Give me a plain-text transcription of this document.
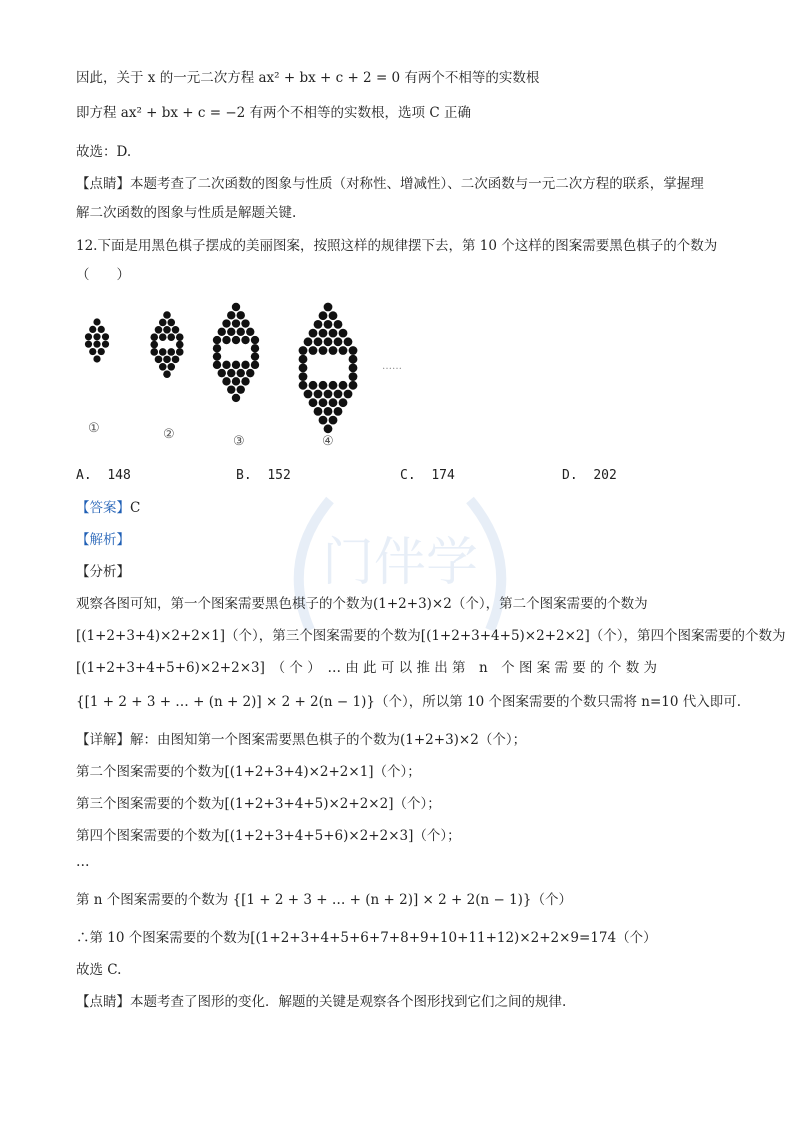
因此，关于 x 的一元二次方程 ax² + bx + c + 2 = 0 有两个不相等的实数根
即方程 ax² + bx + c = −2 有两个不相等的实数根，选项 C 正确
故选：D.
【点睛】本题考查了二次函数的图象与性质（对称性、增减性）、二次函数与一元二次方程的联系，掌握理
解二次函数的图象与性质是解题关键.
12.下面是用黑色棋子摆成的美丽图案，按照这样的规律摆下去，第 10 个这样的图案需要黑色棋子的个数为
（　　）
……
①	②	③	④
A. 148	B. 152	C. 174	D. 202
门伴学
【答案】C
【解析】
【分析】
观察各图可知，第一个图案需要黑色棋子的个数为(1+2+3)×2（个），第二个图案需要的个数为
[(1+2+3+4)×2+2×1]（个），第三个图案需要的个数为[(1+2+3+4+5)×2+2×2]（个），第四个图案需要的个数为
[(1+2+3+4+5+6)×2+2×3]　（ 个 ）　… 由 此 可 以 推 出 第　n　个 图 案 需 要 的 个 数 为
{[1 + 2 + 3 + … + (n + 2)] × 2 + 2(n − 1)}（个），所以第 10 个图案需要的个数只需将 n=10 代入即可.
【详解】解：由图知第一个图案需要黑色棋子的个数为(1+2+3)×2（个）；
第二个图案需要的个数为[(1+2+3+4)×2+2×1]（个）；
第三个图案需要的个数为[(1+2+3+4+5)×2+2×2]（个）；
第四个图案需要的个数为[(1+2+3+4+5+6)×2+2×3]（个）；
…
第 n 个图案需要的个数为 {[1 + 2 + 3 + … + (n + 2)] × 2 + 2(n − 1)}（个）
∴第 10 个图案需要的个数为[(1+2+3+4+5+6+7+8+9+10+11+12)×2+2×9=174（个）
故选 C.
【点睛】本题考查了图形的变化．解题的关键是观察各个图形找到它们之间的规律.
